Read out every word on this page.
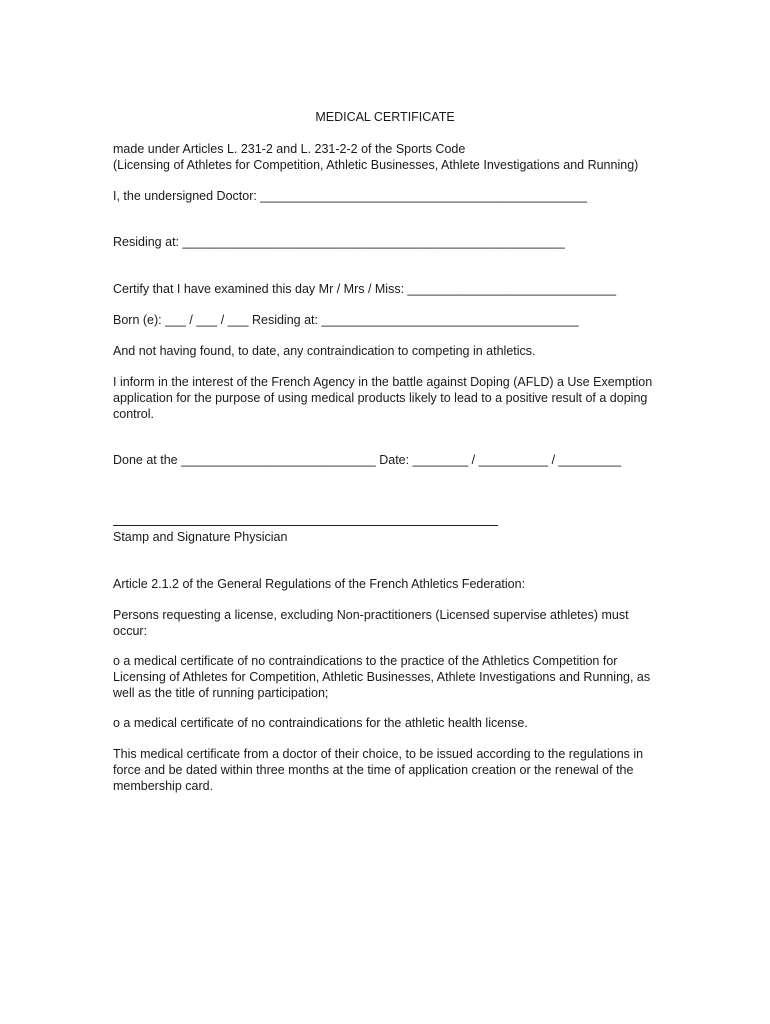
MEDICAL CERTIFICATE
made under Articles L. 231-2 and L. 231-2-2 of the Sports Code
(Licensing of Athletes for Competition, Athletic Businesses, Athlete Investigations and Running)
I, the undersigned Doctor: _______________________________________________
Residing at: _______________________________________________________
Certify that I have examined this day Mr / Mrs / Miss: ______________________________
Born (e): ___ / ___ / ___ Residing at: _____________________________________
And not having found, to date, any contraindication to competing in athletics.
I inform in the interest of the French Agency in the battle against Doping (AFLD) a Use Exemption
application for the purpose of using medical products likely to lead to a positive result of a doping
control.
Done at the ____________________________ Date: ________ / __________ / _________
Stamp and Signature Physician
Article 2.1.2 of the General Regulations of the French Athletics Federation:
Persons requesting a license, excluding Non-practitioners (Licensed supervise athletes) must
occur:
o a medical certificate of no contraindications to the practice of the Athletics Competition for
Licensing of Athletes for Competition, Athletic Businesses, Athlete Investigations and Running, as
well as the title of running participation;
o a medical certificate of no contraindications for the athletic health license.
This medical certificate from a doctor of their choice, to be issued according to the regulations in
force and be dated within three months at the time of application creation or the renewal of the
membership card.
